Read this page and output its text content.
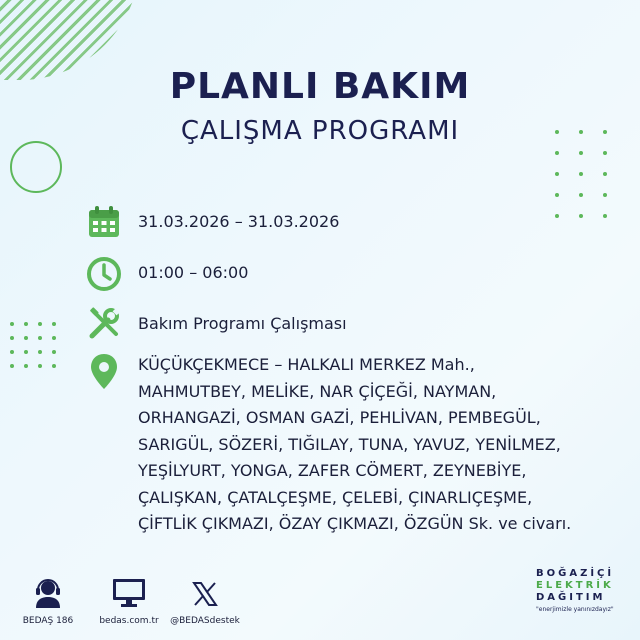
PLANLI BAKIM
ÇALIŞMA PROGRAMI
31.03.2026 – 31.03.2026
01:00 – 06:00
Bakım Programı Çalışması
KÜÇÜKÇEKMECE – HALKALI MERKEZ Mah., MAHMUTBEY, MELİKE, NAR ÇİÇEĞİ, NAYMAN, ORHANGAZİ, OSMAN GAZİ, PEHLİVAN, PEMBEGÜL, SARIGÜL, SÖZERİ, TIĞILAY, TUNA, YAVUZ, YENİLMEZ, YEŞİLYURT, YONGA, ZAFER CÖMERT, ZEYNEBİYE, ÇALIŞKAN, ÇATALÇEŞME, ÇELEBİ, ÇINARLIÇEŞME, ÇİFTLİK ÇIKMAZI, ÖZAY ÇIKMAZI, ÖZGÜN Sk. ve civarı.
BEDAŞ 186	bedas.com.tr	@BEDASdestek
BOĞAZİÇİ
ELEKTRİK
DAĞITIM
"enerjimizle yanınızdayız"
